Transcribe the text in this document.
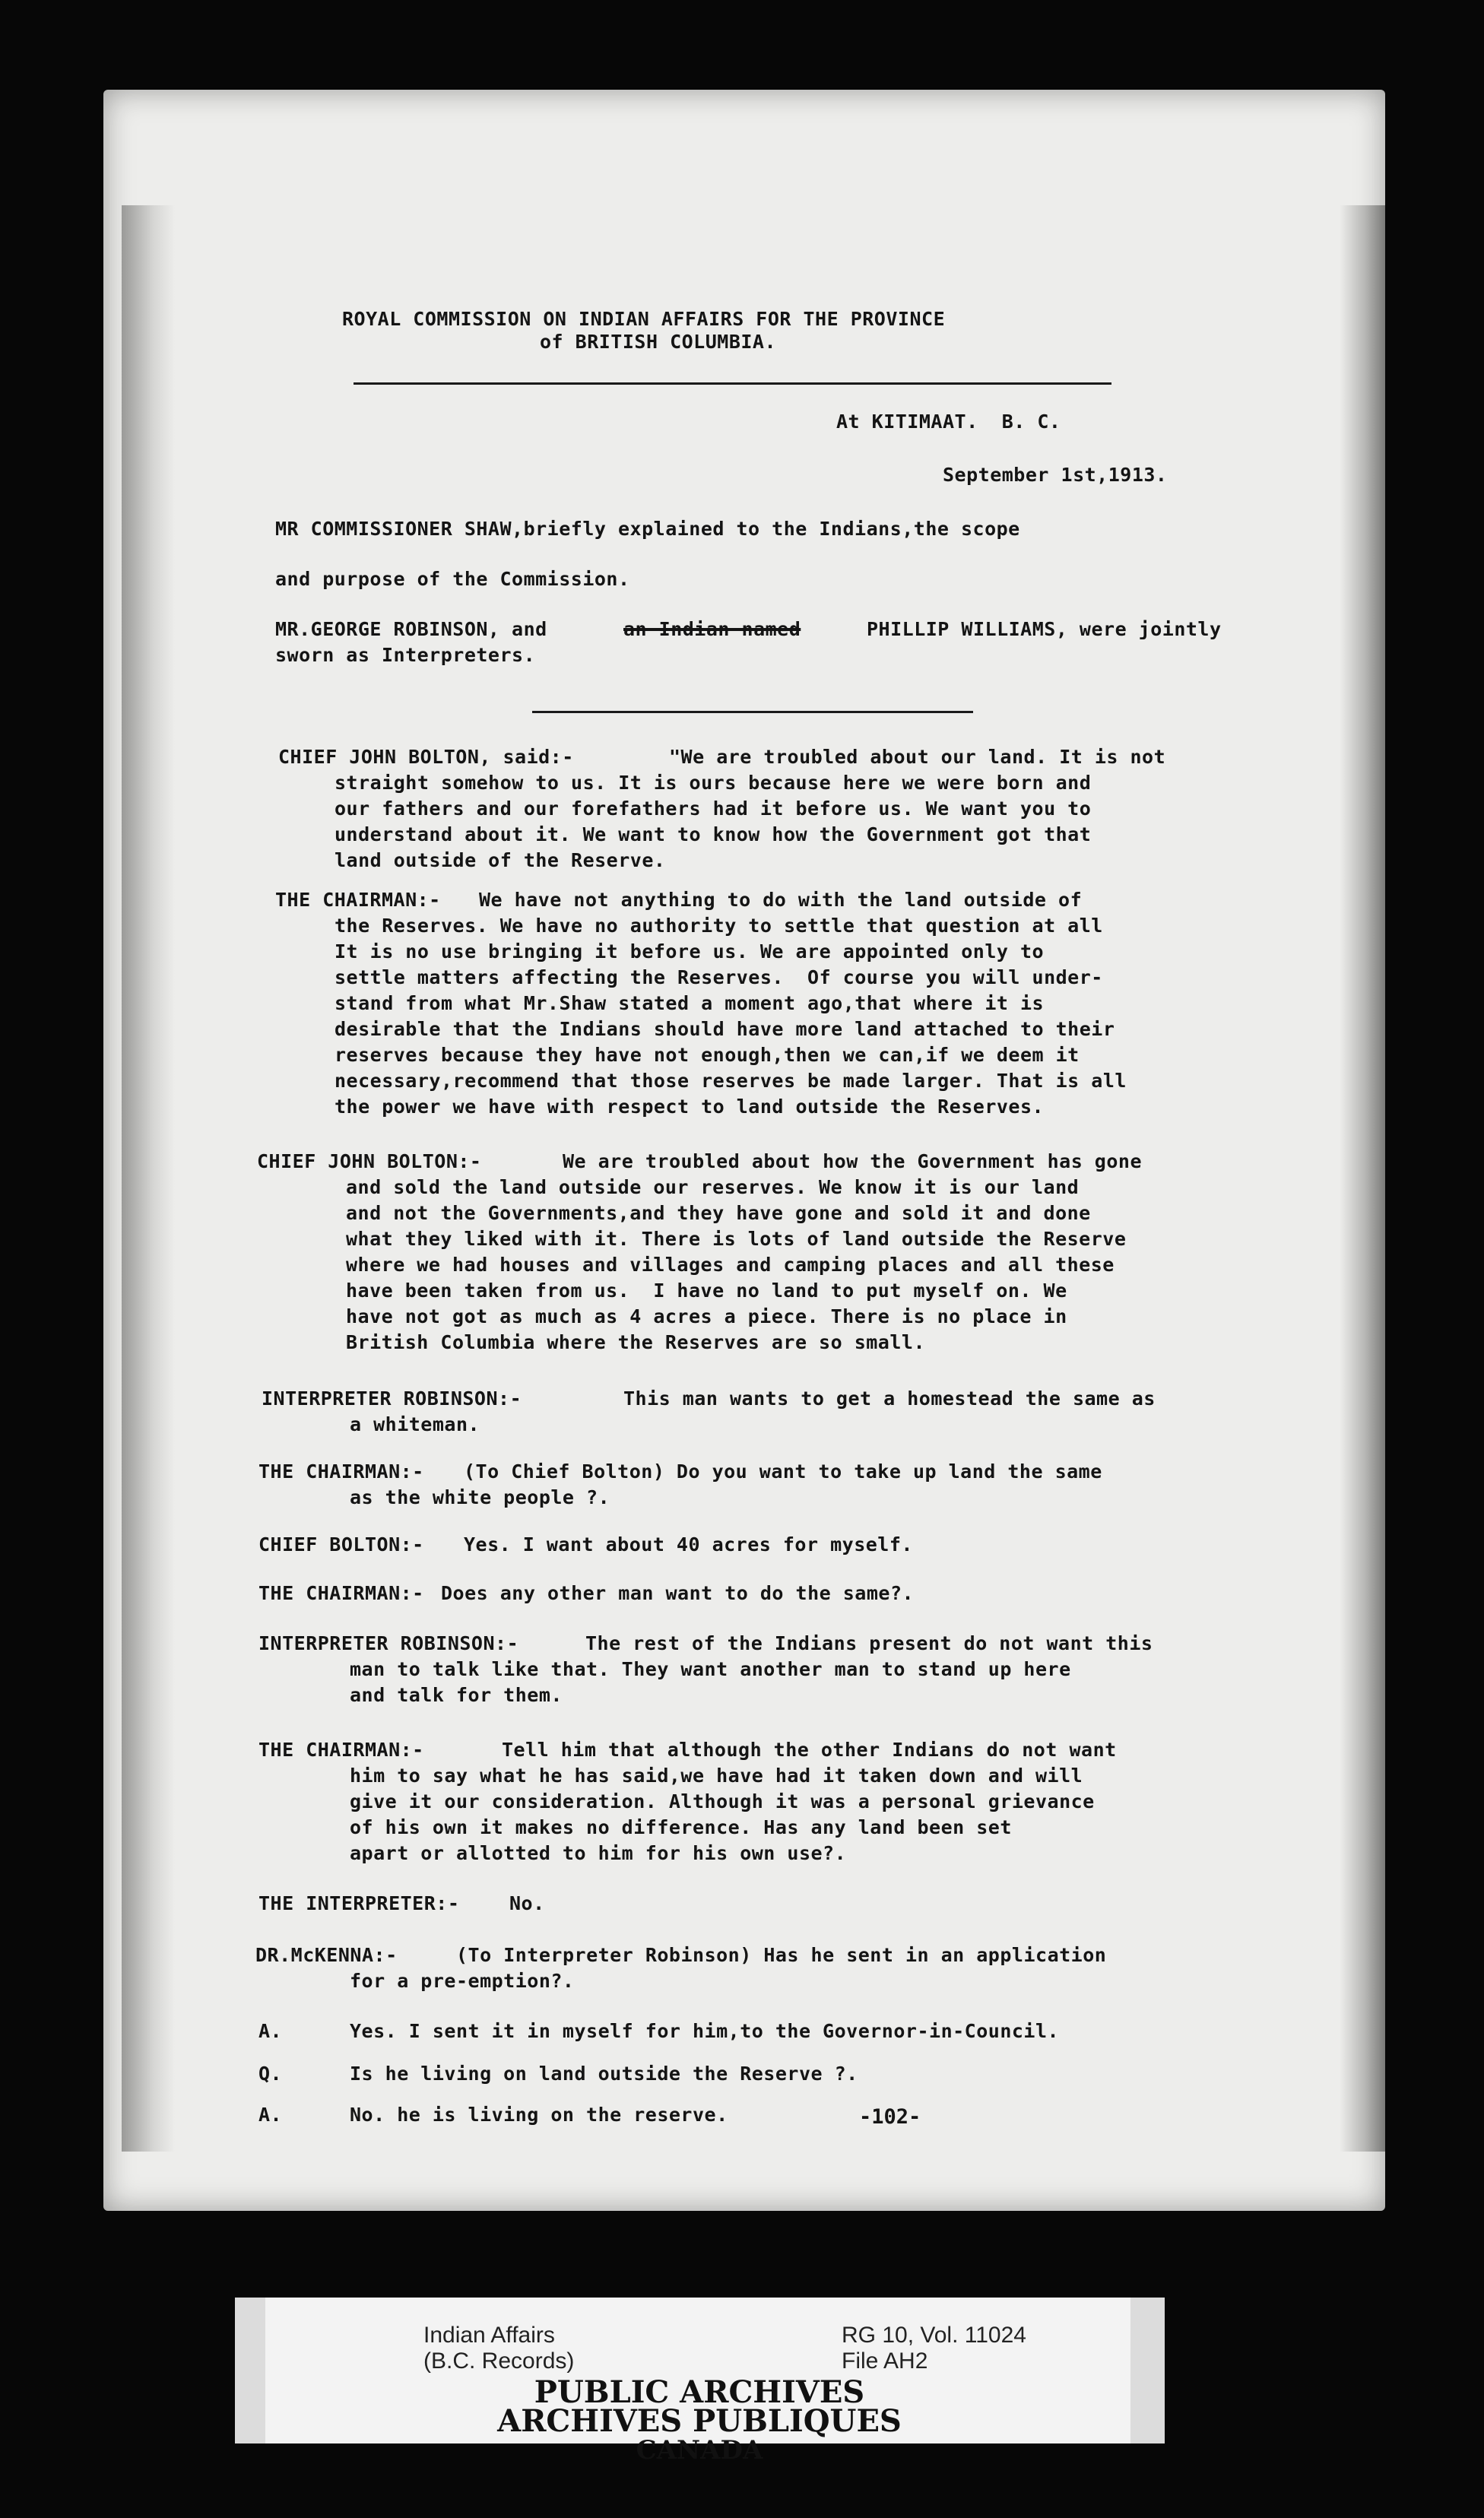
ROYAL COMMISSION ON INDIAN AFFAIRS FOR THE PROVINCE
of BRITISH COLUMBIA.
At KITIMAAT.  B. C.
September 1st,1913.
MR COMMISSIONER SHAW,briefly explained to the Indians,the scope
and purpose of the Commission.
MR.GEORGE ROBINSON, and	an Indian named	PHILLIP WILLIAMS, were jointly
sworn as Interpreters.
CHIEF JOHN BOLTON, said:-	"We are troubled about our land. It is not
straight somehow to us. It is ours because here we were born and
our fathers and our forefathers had it before us. We want you to
understand about it. We want to know how the Government got that
land outside of the Reserve.
THE CHAIRMAN:- We have not anything to do with the land outside of
the Reserves. We have no authority to settle that question at all
It is no use bringing it before us. We are appointed only to
settle matters affecting the Reserves.  Of course you will under-
stand from what Mr.Shaw stated a moment ago,that where it is
desirable that the Indians should have more land attached to their
reserves because they have not enough,then we can,if we deem it
necessary,recommend that those reserves be made larger. That is all
the power we have with respect to land outside the Reserves.
CHIEF JOHN BOLTON:-	We are troubled about how the Government has gone
and sold the land outside our reserves. We know it is our land
and not the Governments,and they have gone and sold it and done
what they liked with it. There is lots of land outside the Reserve
where we had houses and villages and camping places and all these
have been taken from us.  I have no land to put myself on. We
have not got as much as 4 acres a piece. There is no place in
British Columbia where the Reserves are so small.
INTERPRETER ROBINSON:-	This man wants to get a homestead the same as
a whiteman.
THE CHAIRMAN:- (To Chief Bolton) Do you want to take up land the same
as the white people ?.
CHIEF BOLTON:- Yes. I want about 40 acres for myself.
THE CHAIRMAN:- Does any other man want to do the same?.
INTERPRETER ROBINSON:-	The rest of the Indians present do not want this
man to talk like that. They want another man to stand up here
and talk for them.
THE CHAIRMAN:-	Tell him that although the other Indians do not want
him to say what he has said,we have had it taken down and will
give it our consideration. Although it was a personal grievance
of his own it makes no difference. Has any land been set
apart or allotted to him for his own use?.
THE INTERPRETER:-	No.
DR.McKENNA:-	(To Interpreter Robinson) Has he sent in an application
for a pre-emption?.
A.	Yes. I sent it in myself for him,to the Governor-in-Council.
Q.	Is he living on land outside the Reserve ?.
A.	No. he is living on the reserve.	-102-
Indian Affairs
(B.C. Records)
RG 10, Vol. 11024
File AH2
PUBLIC ARCHIVES
ARCHIVES PUBLIQUES
CANADA
